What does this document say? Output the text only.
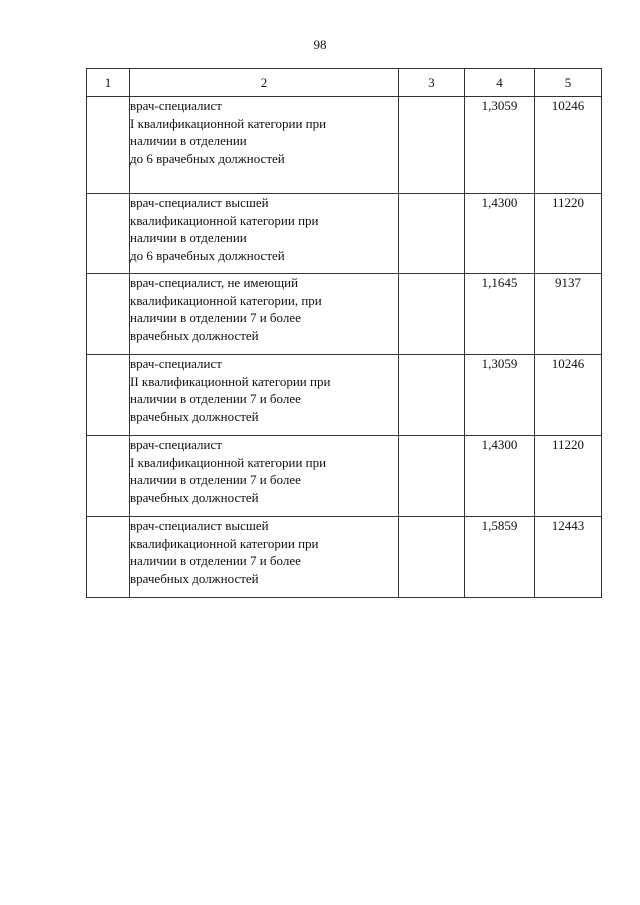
98
1	2	3	4	5

	врач-специалист
I квалификационной категории при
наличии в отделении
до 6 врачебных должностей		1,3059	10246

	врач-специалист высшей
квалификационной категории при
наличии в отделении
до 6 врачебных должностей		1,4300	11220

	врач-специалист, не имеющий
квалификационной категории, при
наличии в отделении 7 и более
врачебных должностей		1,1645	9137

	врач-специалист
II квалификационной категории при
наличии в отделении 7 и более
врачебных должностей		1,3059	10246

	врач-специалист
I квалификационной категории при
наличии в отделении 7 и более
врачебных должностей		1,4300	11220

	врач-специалист высшей
квалификационной категории при
наличии в отделении 7 и более
врачебных должностей		1,5859	12443
